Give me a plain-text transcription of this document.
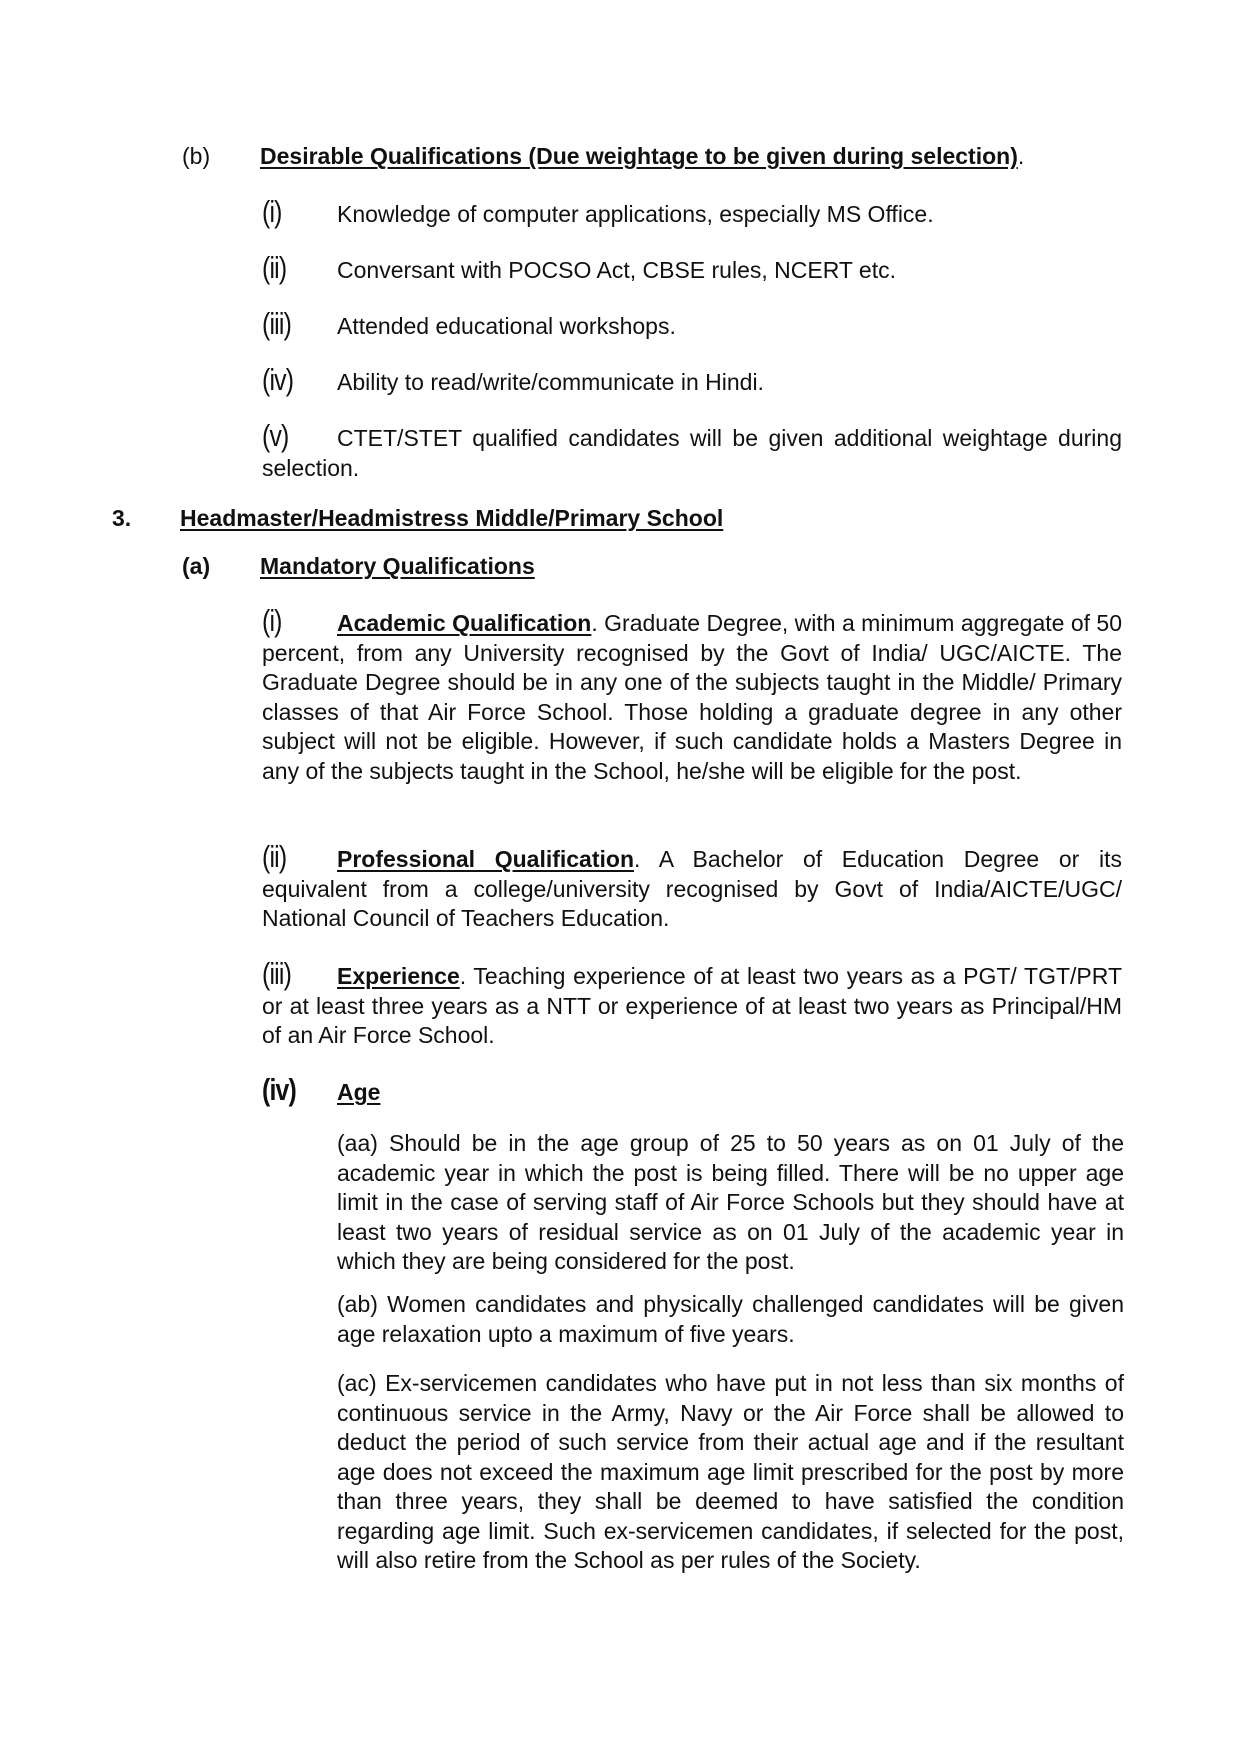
(b) Desirable Qualifications (Due weightage to be given during selection).
(i) Knowledge of computer applications, especially MS Office.
(ii) Conversant with POCSO Act, CBSE rules, NCERT etc.
(iii) Attended educational workshops.
(iv) Ability to read/write/communicate in Hindi.
(v) CTET/STET qualified candidates will be given additional weightage during selection.
3. Headmaster/Headmistress Middle/Primary School
(a) Mandatory Qualifications
(i) Academic Qualification. Graduate Degree, with a minimum aggregate of 50 percent, from any University recognised by the Govt of India/ UGC/AICTE. The Graduate Degree should be in any one of the subjects taught in the Middle/ Primary classes of that Air Force School. Those holding a graduate degree in any other subject will not be eligible. However, if such candidate holds a Masters Degree in any of the subjects taught in the School, he/she will be eligible for the post.
(ii) Professional Qualification. A Bachelor of Education Degree or its equivalent from a college/university recognised by Govt of India/AICTE/UGC/ National Council of Teachers Education.
(iii) Experience. Teaching experience of at least two years as a PGT/ TGT/PRT or at least three years as a NTT or experience of at least two years as Principal/HM of an Air Force School.
(iv) Age
(aa) Should be in the age group of 25 to 50 years as on 01 July of the academic year in which the post is being filled. There will be no upper age limit in the case of serving staff of Air Force Schools but they should have at least two years of residual service as on 01 July of the academic year in which they are being considered for the post.
(ab) Women candidates and physically challenged candidates will be given age relaxation upto a maximum of five years.
(ac) Ex-servicemen candidates who have put in not less than six months of continuous service in the Army, Navy or the Air Force shall be allowed to deduct the period of such service from their actual age and if the resultant age does not exceed the maximum age limit prescribed for the post by more than three years, they shall be deemed to have satisfied the condition regarding age limit. Such ex-servicemen candidates, if selected for the post, will also retire from the School as per rules of the Society.
